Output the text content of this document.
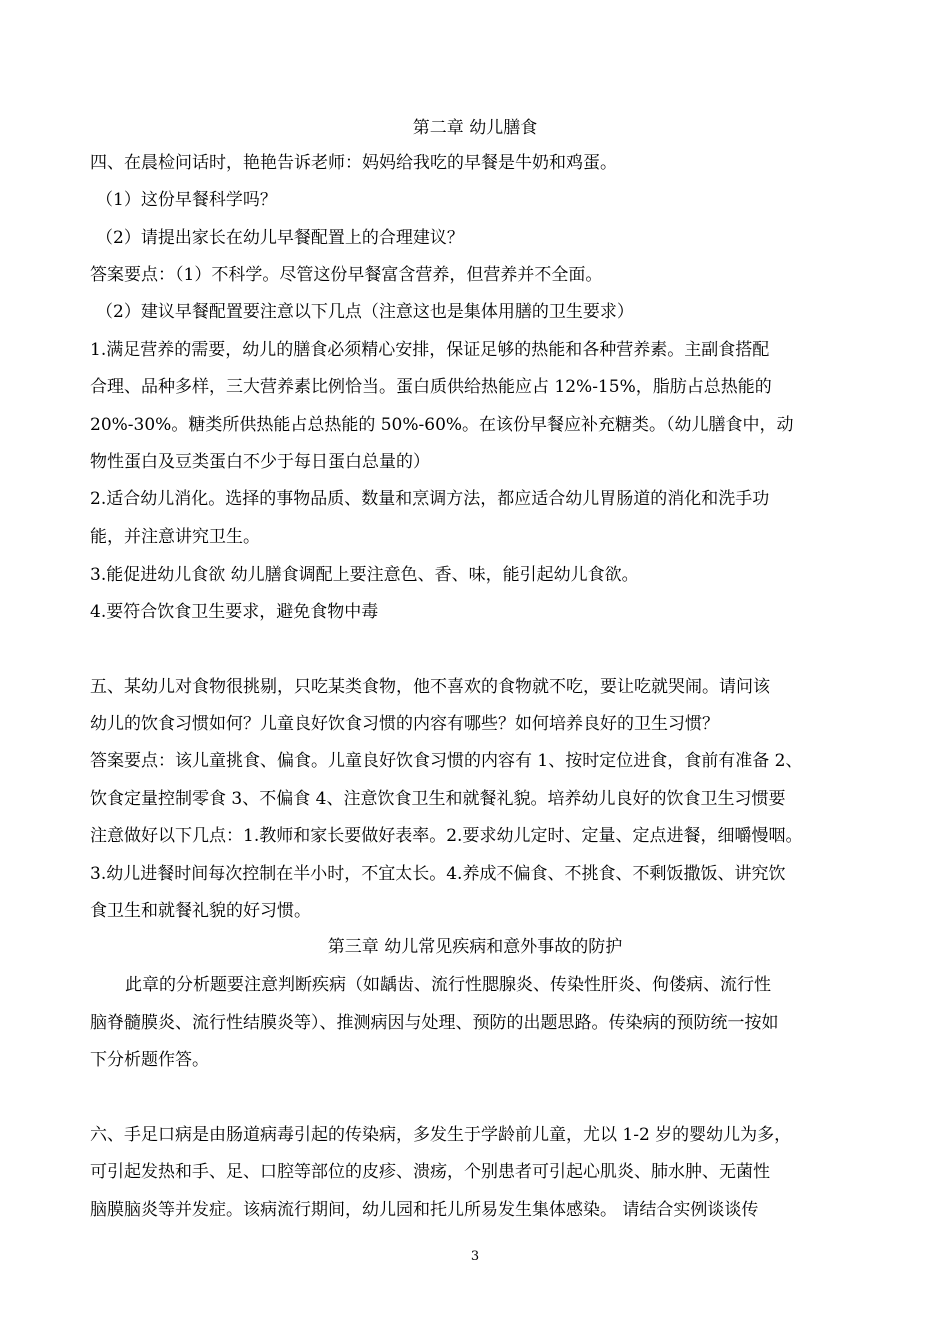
第二章 幼儿膳食
四、在晨检问话时，艳艳告诉老师：妈妈给我吃的早餐是牛奶和鸡蛋。
（1）这份早餐科学吗？
（2）请提出家长在幼儿早餐配置上的合理建议？
答案要点：（1）不科学。尽管这份早餐富含营养，但营养并不全面。
（2）建议早餐配置要注意以下几点（注意这也是集体用膳的卫生要求）
1.满足营养的需要，幼儿的膳食必须精心安排，保证足够的热能和各种营养素。主副食搭配
合理、品种多样，三大营养素比例恰当。蛋白质供给热能应占 12%-15%，脂肪占总热能的
20%-30%。糖类所供热能占总热能的 50%-60%。在该份早餐应补充糖类。（幼儿膳食中，动
物性蛋白及豆类蛋白不少于每日蛋白总量的）
2.适合幼儿消化。选择的事物品质、数量和烹调方法，都应适合幼儿胃肠道的消化和洗手功
能，并注意讲究卫生。
3.能促进幼儿食欲 幼儿膳食调配上要注意色、香、味，能引起幼儿食欲。
4.要符合饮食卫生要求，避免食物中毒
五、某幼儿对食物很挑剔，只吃某类食物，他不喜欢的食物就不吃，要让吃就哭闹。请问该
幼儿的饮食习惯如何？儿童良好饮食习惯的内容有哪些？如何培养良好的卫生习惯？
答案要点：该儿童挑食、偏食。儿童良好饮食习惯的内容有 1、按时定位进食，食前有准备 2、
饮食定量控制零食 3、不偏食 4、注意饮食卫生和就餐礼貌。培养幼儿良好的饮食卫生习惯要
注意做好以下几点：1.教师和家长要做好表率。2.要求幼儿定时、定量、定点进餐，细嚼慢咽。
3.幼儿进餐时间每次控制在半小时，不宜太长。4.养成不偏食、不挑食、不剩饭撒饭、讲究饮
食卫生和就餐礼貌的好习惯。
第三章 幼儿常见疾病和意外事故的防护
此章的分析题要注意判断疾病（如龋齿、流行性腮腺炎、传染性肝炎、佝偻病、流行性
脑脊髓膜炎、流行性结膜炎等）、推测病因与处理、预防的出题思路。传染病的预防统一按如
下分析题作答。
六、手足口病是由肠道病毒引起的传染病，多发生于学龄前儿童，尤以 1-2 岁的婴幼儿为多，
可引起发热和手、足、口腔等部位的皮疹、溃疡，个别患者可引起心肌炎、肺水肿、无菌性
脑膜脑炎等并发症。该病流行期间，幼儿园和托儿所易发生集体感染。 请结合实例谈谈传
3
